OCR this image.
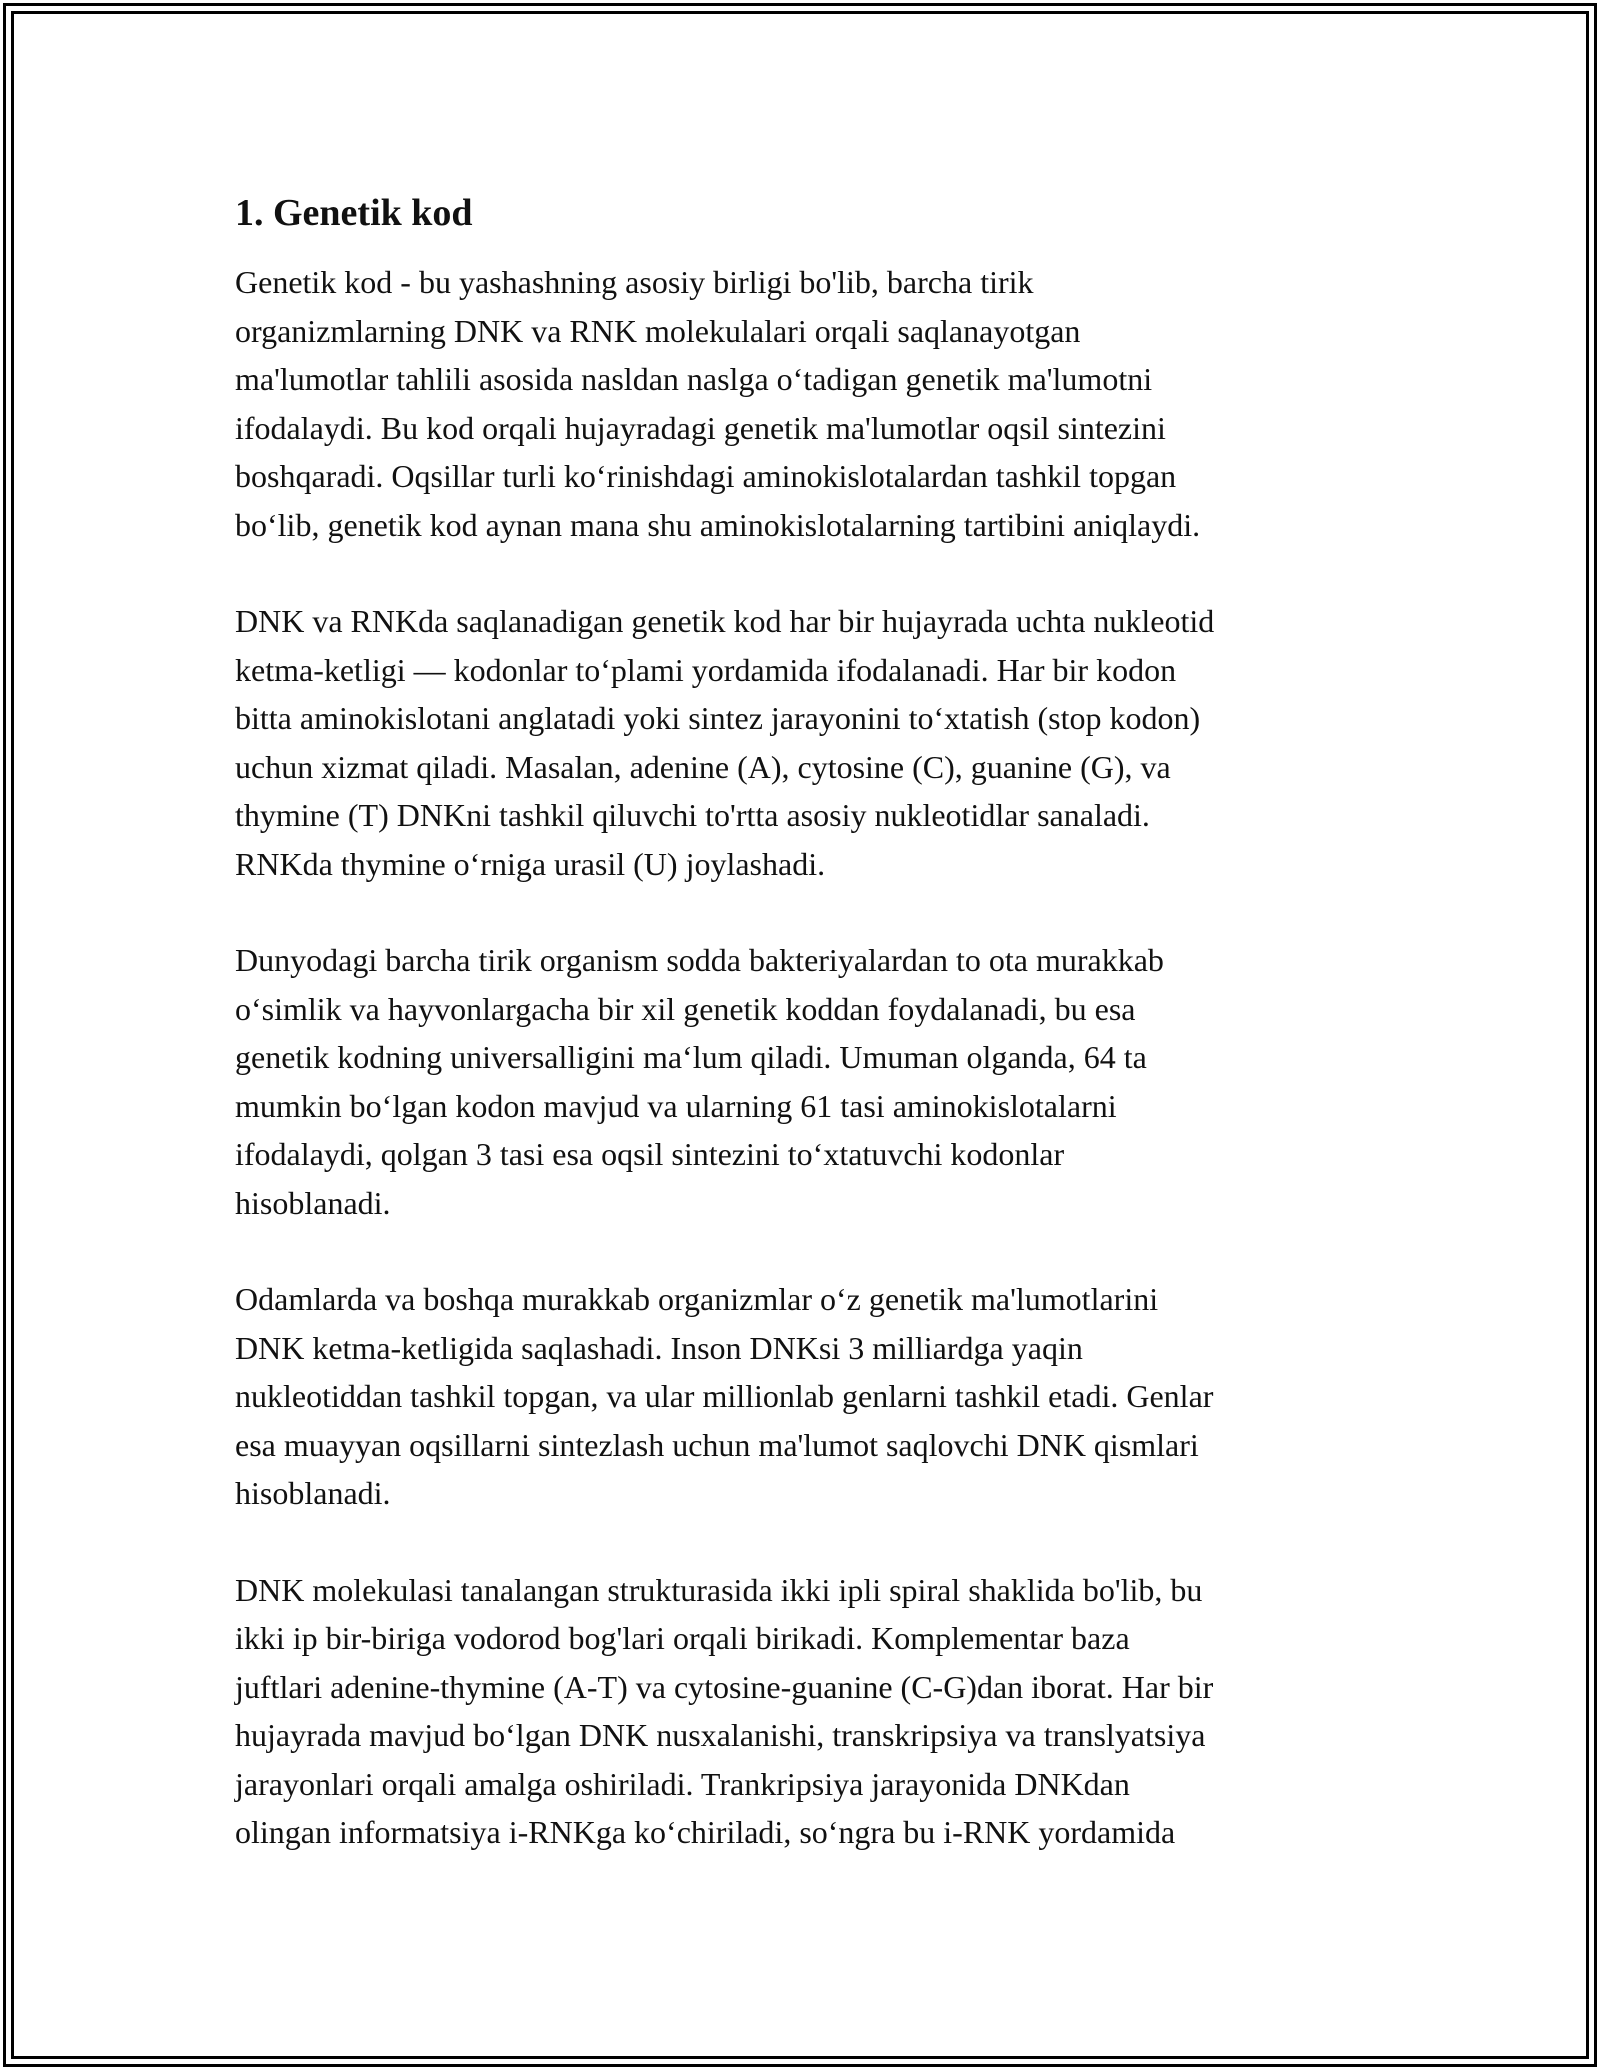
1. Genetik kod

Genetik kod - bu yashashning asosiy birligi bo'lib, barcha tirik
organizmlarning DNK va RNK molekulalari orqali saqlanayotgan
ma'lumotlar tahlili asosida nasldan naslga oʻtadigan genetik ma'lumotni
ifodalaydi. Bu kod orqali hujayradagi genetik ma'lumotlar oqsil sintezini
boshqaradi. Oqsillar turli koʻrinishdagi aminokislotalardan tashkil topgan
boʻlib, genetik kod aynan mana shu aminokislotalarning tartibini aniqlaydi.

DNK va RNKda saqlanadigan genetik kod har bir hujayrada uchta nukleotid
ketma-ketligi — kodonlar toʻplami yordamida ifodalanadi. Har bir kodon
bitta aminokislotani anglatadi yoki sintez jarayonini toʻxtatish (stop kodon)
uchun xizmat qiladi. Masalan, adenine (A), cytosine (C), guanine (G), va
thymine (T) DNKni tashkil qiluvchi to'rtta asosiy nukleotidlar sanaladi.
RNKda thymine oʻrniga urasil (U) joylashadi.

Dunyodagi barcha tirik organism sodda bakteriyalardan to ota murakkab
oʻsimlik va hayvonlargacha bir xil genetik koddan foydalanadi, bu esa
genetik kodning universalligini maʻlum qiladi. Umuman olganda, 64 ta
mumkin boʻlgan kodon mavjud va ularning 61 tasi aminokislotalarni
ifodalaydi, qolgan 3 tasi esa oqsil sintezini toʻxtatuvchi kodonlar
hisoblanadi.

Odamlarda va boshqa murakkab organizmlar oʻz genetik ma'lumotlarini
DNK ketma-ketligida saqlashadi. Inson DNKsi 3 milliardga yaqin
nukleotiddan tashkil topgan, va ular millionlab genlarni tashkil etadi. Genlar
esa muayyan oqsillarni sintezlash uchun ma'lumot saqlovchi DNK qismlari
hisoblanadi.

DNK molekulasi tanalangan strukturasida ikki ipli spiral shaklida bo'lib, bu
ikki ip bir-biriga vodorod bog'lari orqali birikadi. Komplementar baza
juftlari adenine-thymine (A-T) va cytosine-guanine (C-G)dan iborat. Har bir
hujayrada mavjud boʻlgan DNK nusxalanishi, transkripsiya va translyatsiya
jarayonlari orqali amalga oshiriladi. Trankripsiya jarayonida DNKdan
olingan informatsiya i-RNKga koʻchiriladi, soʻngra bu i-RNK yordamida
